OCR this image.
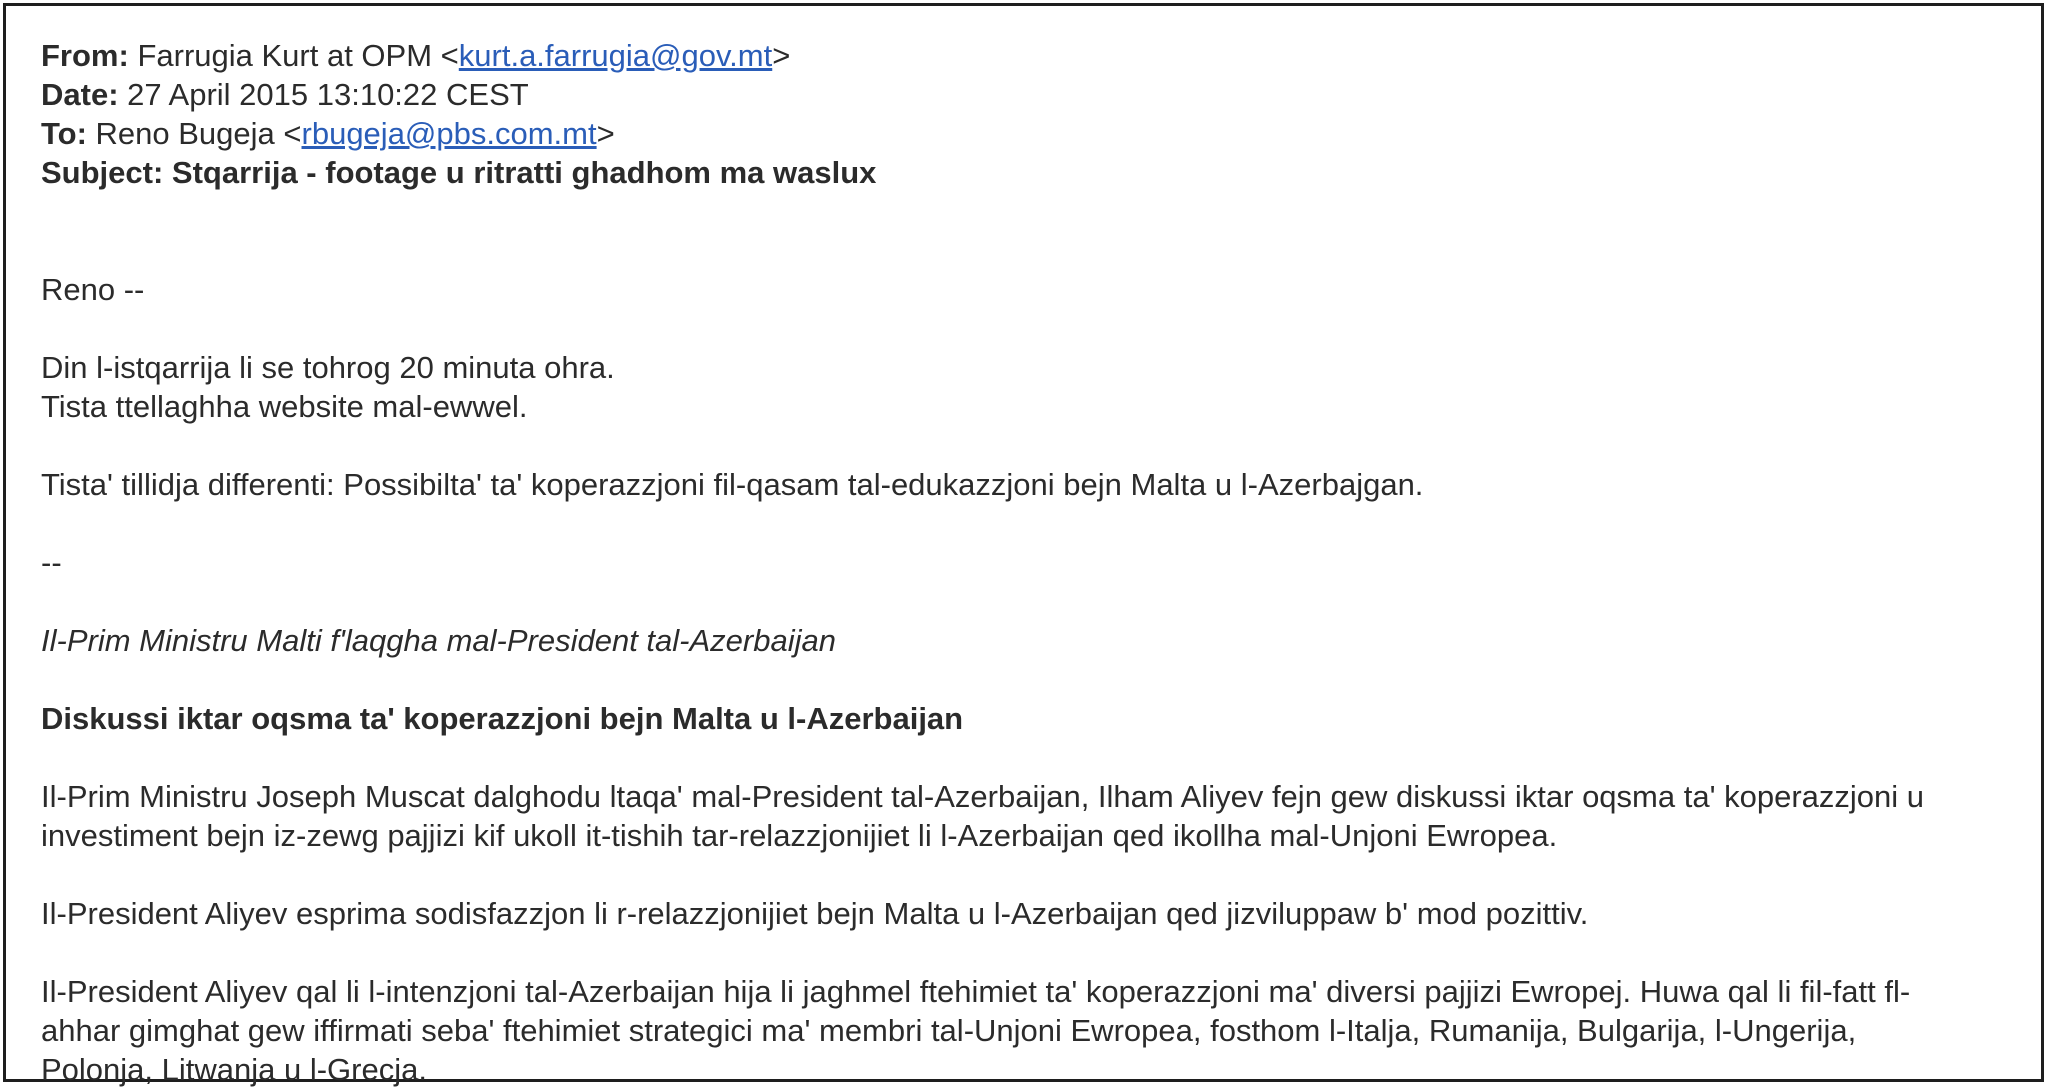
From: Farrugia Kurt at OPM <kurt.a.farrugia@gov.mt>
Date: 27 April 2015 13:10:22 CEST
To: Reno Bugeja <rbugeja@pbs.com.mt>
Subject: Stqarrija - footage u ritratti ghadhom ma waslux

Reno --

Din l-istqarrija li se tohrog 20 minuta ohra.

Tista ttellaghha website mal-ewwel.

Tista' tillidja differenti: Possibilta' ta' koperazzjoni fil-qasam tal-edukazzjoni bejn Malta u l-Azerbajgan.

--

Il-Prim Ministru Malti f'laqgha mal-President tal-Azerbaijan

Diskussi iktar oqsma ta' koperazzjoni bejn Malta u l-Azerbaijan

Il-Prim Ministru Joseph Muscat dalghodu ltaqa' mal-President tal-Azerbaijan, Ilham Aliyev fejn gew diskussi iktar oqsma ta' koperazzjoni u

investiment bejn iz-zewg pajjizi kif ukoll it-tishih tar-relazzjonijiet li l-Azerbaijan qed ikollha mal-Unjoni Ewropea.

Il-President Aliyev esprima sodisfazzjon li r-relazzjonijiet bejn Malta u l-Azerbaijan qed jizviluppaw b' mod pozittiv.

Il-President Aliyev qal li l-intenzjoni tal-Azerbaijan hija li jaghmel ftehimiet ta' koperazzjoni ma' diversi pajjizi Ewropej. Huwa qal li fil-fatt fl-

ahhar gimghat gew iffirmati seba' ftehimiet strategici ma' membri tal-Unjoni Ewropea, fosthom l-Italja, Rumanija, Bulgarija, l-Ungerija,

Polonja, Litwanja u l-Grecja.
